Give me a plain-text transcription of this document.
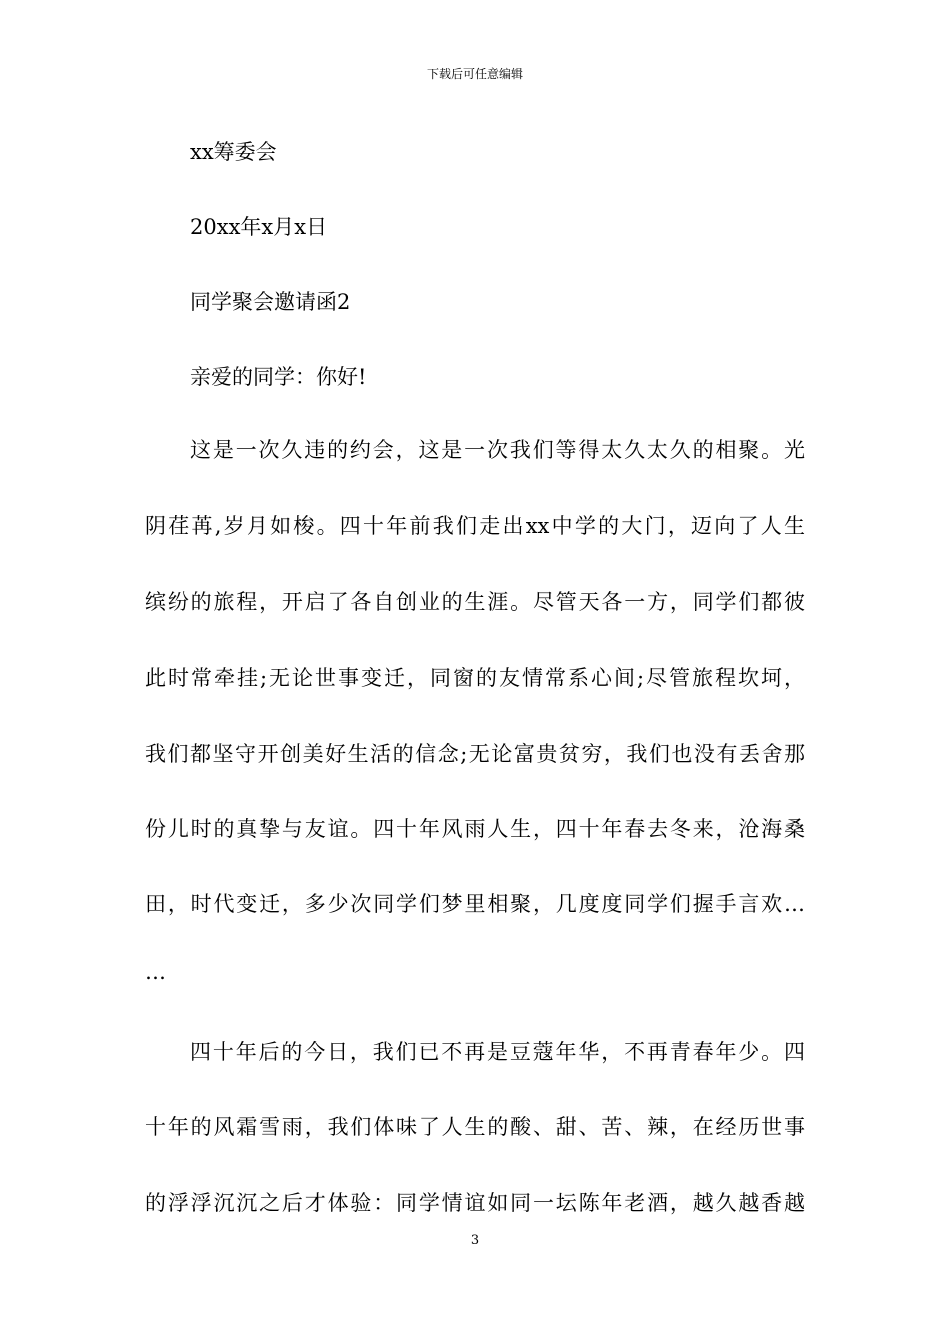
下载后可任意编辑
xx筹委会
20xx年x月x日
同学聚会邀请函2
亲爱的同学：你好!
这是一次久违的约会，这是一次我们等得太久太久的相聚。光
阴荏苒,岁月如梭。四十年前我们走出xx中学的大门，迈向了人生
缤纷的旅程，开启了各自创业的生涯。尽管天各一方，同学们都彼
此时常牵挂;无论世事变迁，同窗的友情常系心间;尽管旅程坎坷，
我们都坚守开创美好生活的信念;无论富贵贫穷，我们也没有丢舍那
份儿时的真挚与友谊。四十年风雨人生，四十年春去冬来，沧海桑
田，时代变迁，多少次同学们梦里相聚，几度度同学们握手言欢…
…
四十年后的今日，我们已不再是豆蔻年华，不再青春年少。四
十年的风霜雪雨，我们体味了人生的酸、甜、苦、辣，在经历世事
的浮浮沉沉之后才体验：同学情谊如同一坛陈年老酒，越久越香越
3
